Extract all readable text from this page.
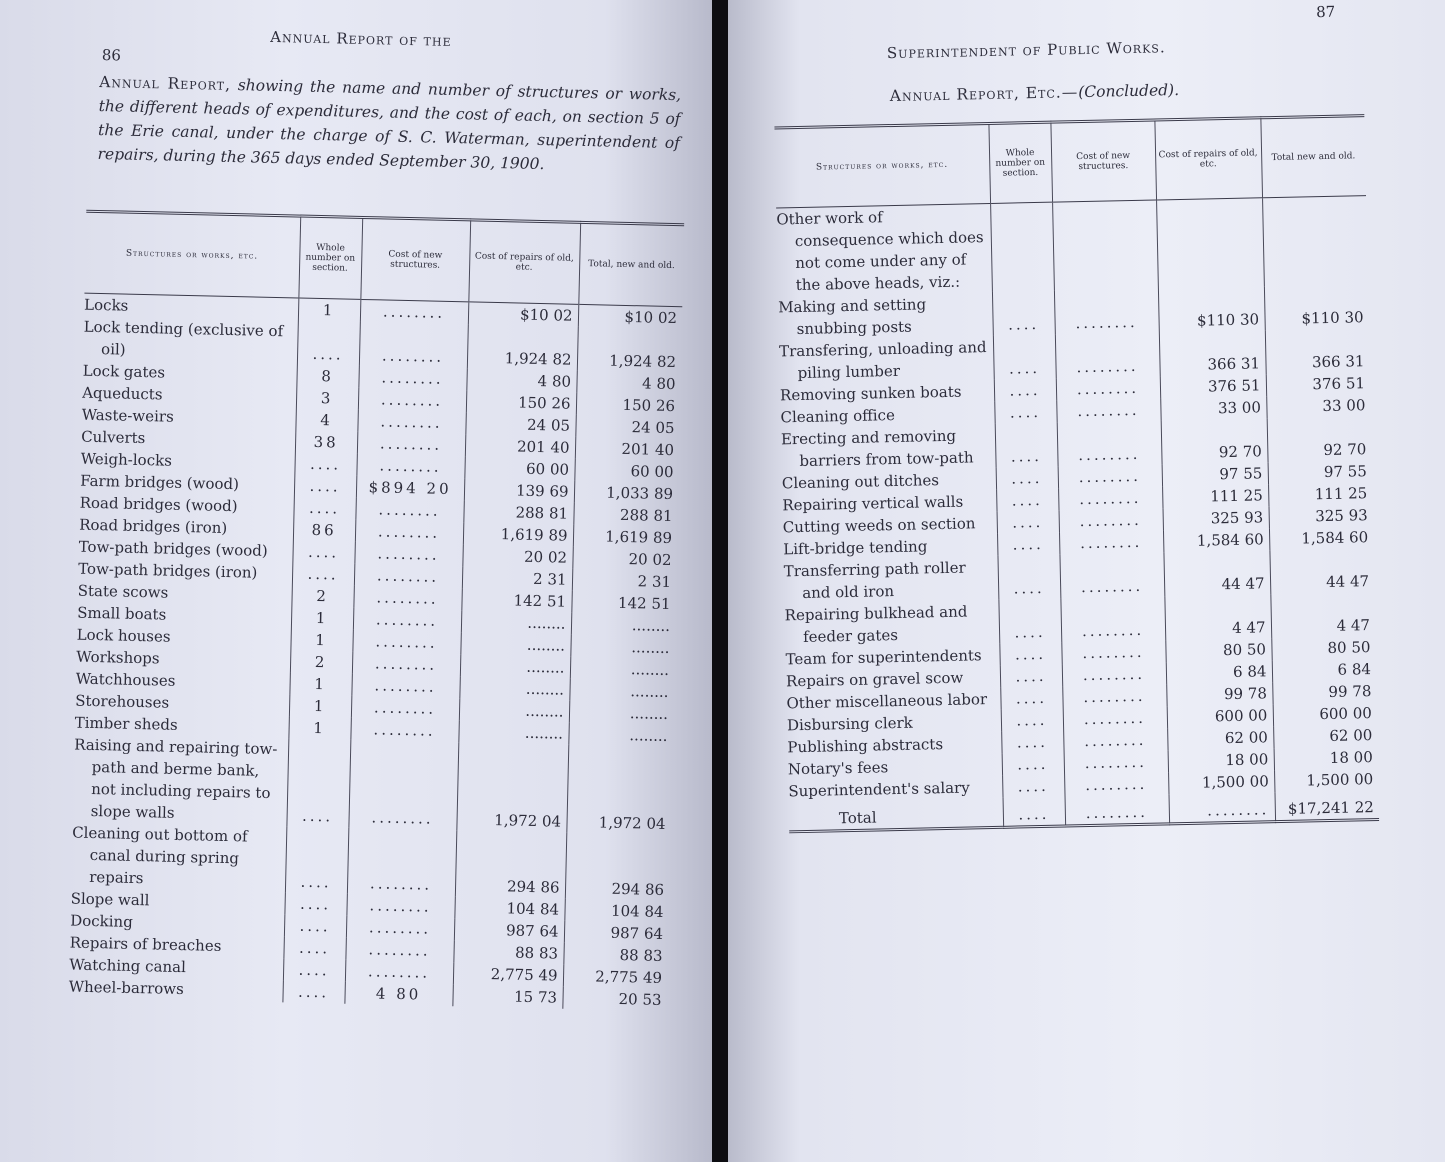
86
Annual Report of the
Annual Report, showing the name and number of structures or works, the different heads of expenditures, and the cost of each, on section 5 of the Erie canal, under the charge of S. C. Waterman, superintendent of repairs, during the 365 days ended September 30, 1900.
Structures or works, etc.	Whole number on section.	Cost of new structures.	Cost of repairs of old, etc.	Total, new and old.
Locks	1	........	$10 02	$10 02
Lock tending (exclusive of oil)	....	........	1,924 82	1,924 82
Lock gates	8	........	4 80	4 80
Aqueducts	3	........	150 26	150 26
Waste-weirs	4	........	24 05	24 05
Culverts	38	........	201 40	201 40
Weigh-locks	....	........	60 00	60 00
Farm bridges (wood)	....	$894 20	139 69	1,033 89
Road bridges (wood)	....	........	288 81	288 81
Road bridges (iron)	86	........	1,619 89	1,619 89
Tow-path bridges (wood)	....	........	20 02	20 02
Tow-path bridges (iron)	....	........	2 31	2 31
State scows	2	........	142 51	142 51
Small boats	1	........	........	........
Lock houses	1	........	........	........
Workshops	2	........	........	........
Watchhouses	1	........	........	........
Storehouses	1	........	........	........
Timber sheds	1	........	........	........
Raising and repairing tow-path and berme bank, not including repairs to slope walls	....	........	1,972 04	1,972 04
Cleaning out bottom of canal during spring repairs	....	........	294 86	294 86
Slope wall	....	........	104 84	104 84
Docking	....	........	987 64	987 64
Repairs of breaches	....	........	88 83	88 83
Watching canal	....	........	2,775 49	2,775 49
Wheel-barrows	....	4 80	15 73	20 53
87
Superintendent of Public Works.
Annual Report, Etc.—(Concluded).
Structures or works, etc.	Whole number on section.	Cost of new structures.	Cost of repairs of old, etc.	Total new and old.
Other work of consequence which does not come under any of the above heads, viz.:				
Making and setting snubbing posts	....	........	$110 30	$110 30
Transfering, unloading and piling lumber	....	........	366 31	366 31
Removing sunken boats	....	........	376 51	376 51
Cleaning office	....	........	33 00	33 00
Erecting and removing barriers from tow-path	....	........	92 70	92 70
Cleaning out ditches	....	........	97 55	97 55
Repairing vertical walls	....	........	111 25	111 25
Cutting weeds on section	....	........	325 93	325 93
Lift-bridge tending	....	........	1,584 60	1,584 60
Transferring path roller and old iron	....	........	44 47	44 47
Repairing bulkhead and feeder gates	....	........	4 47	4 47
Team for superintendents	....	........	80 50	80 50
Repairs on gravel scow	....	........	6 84	6 84
Other miscellaneous labor	....	........	99 78	99 78
Disbursing clerk	....	........	600 00	600 00
Publishing abstracts	....	........	62 00	62 00
Notary's fees	....	........	18 00	18 00
Superintendent's salary	....	........	1,500 00	1,500 00
Total	....	........	........	$17,241 22
